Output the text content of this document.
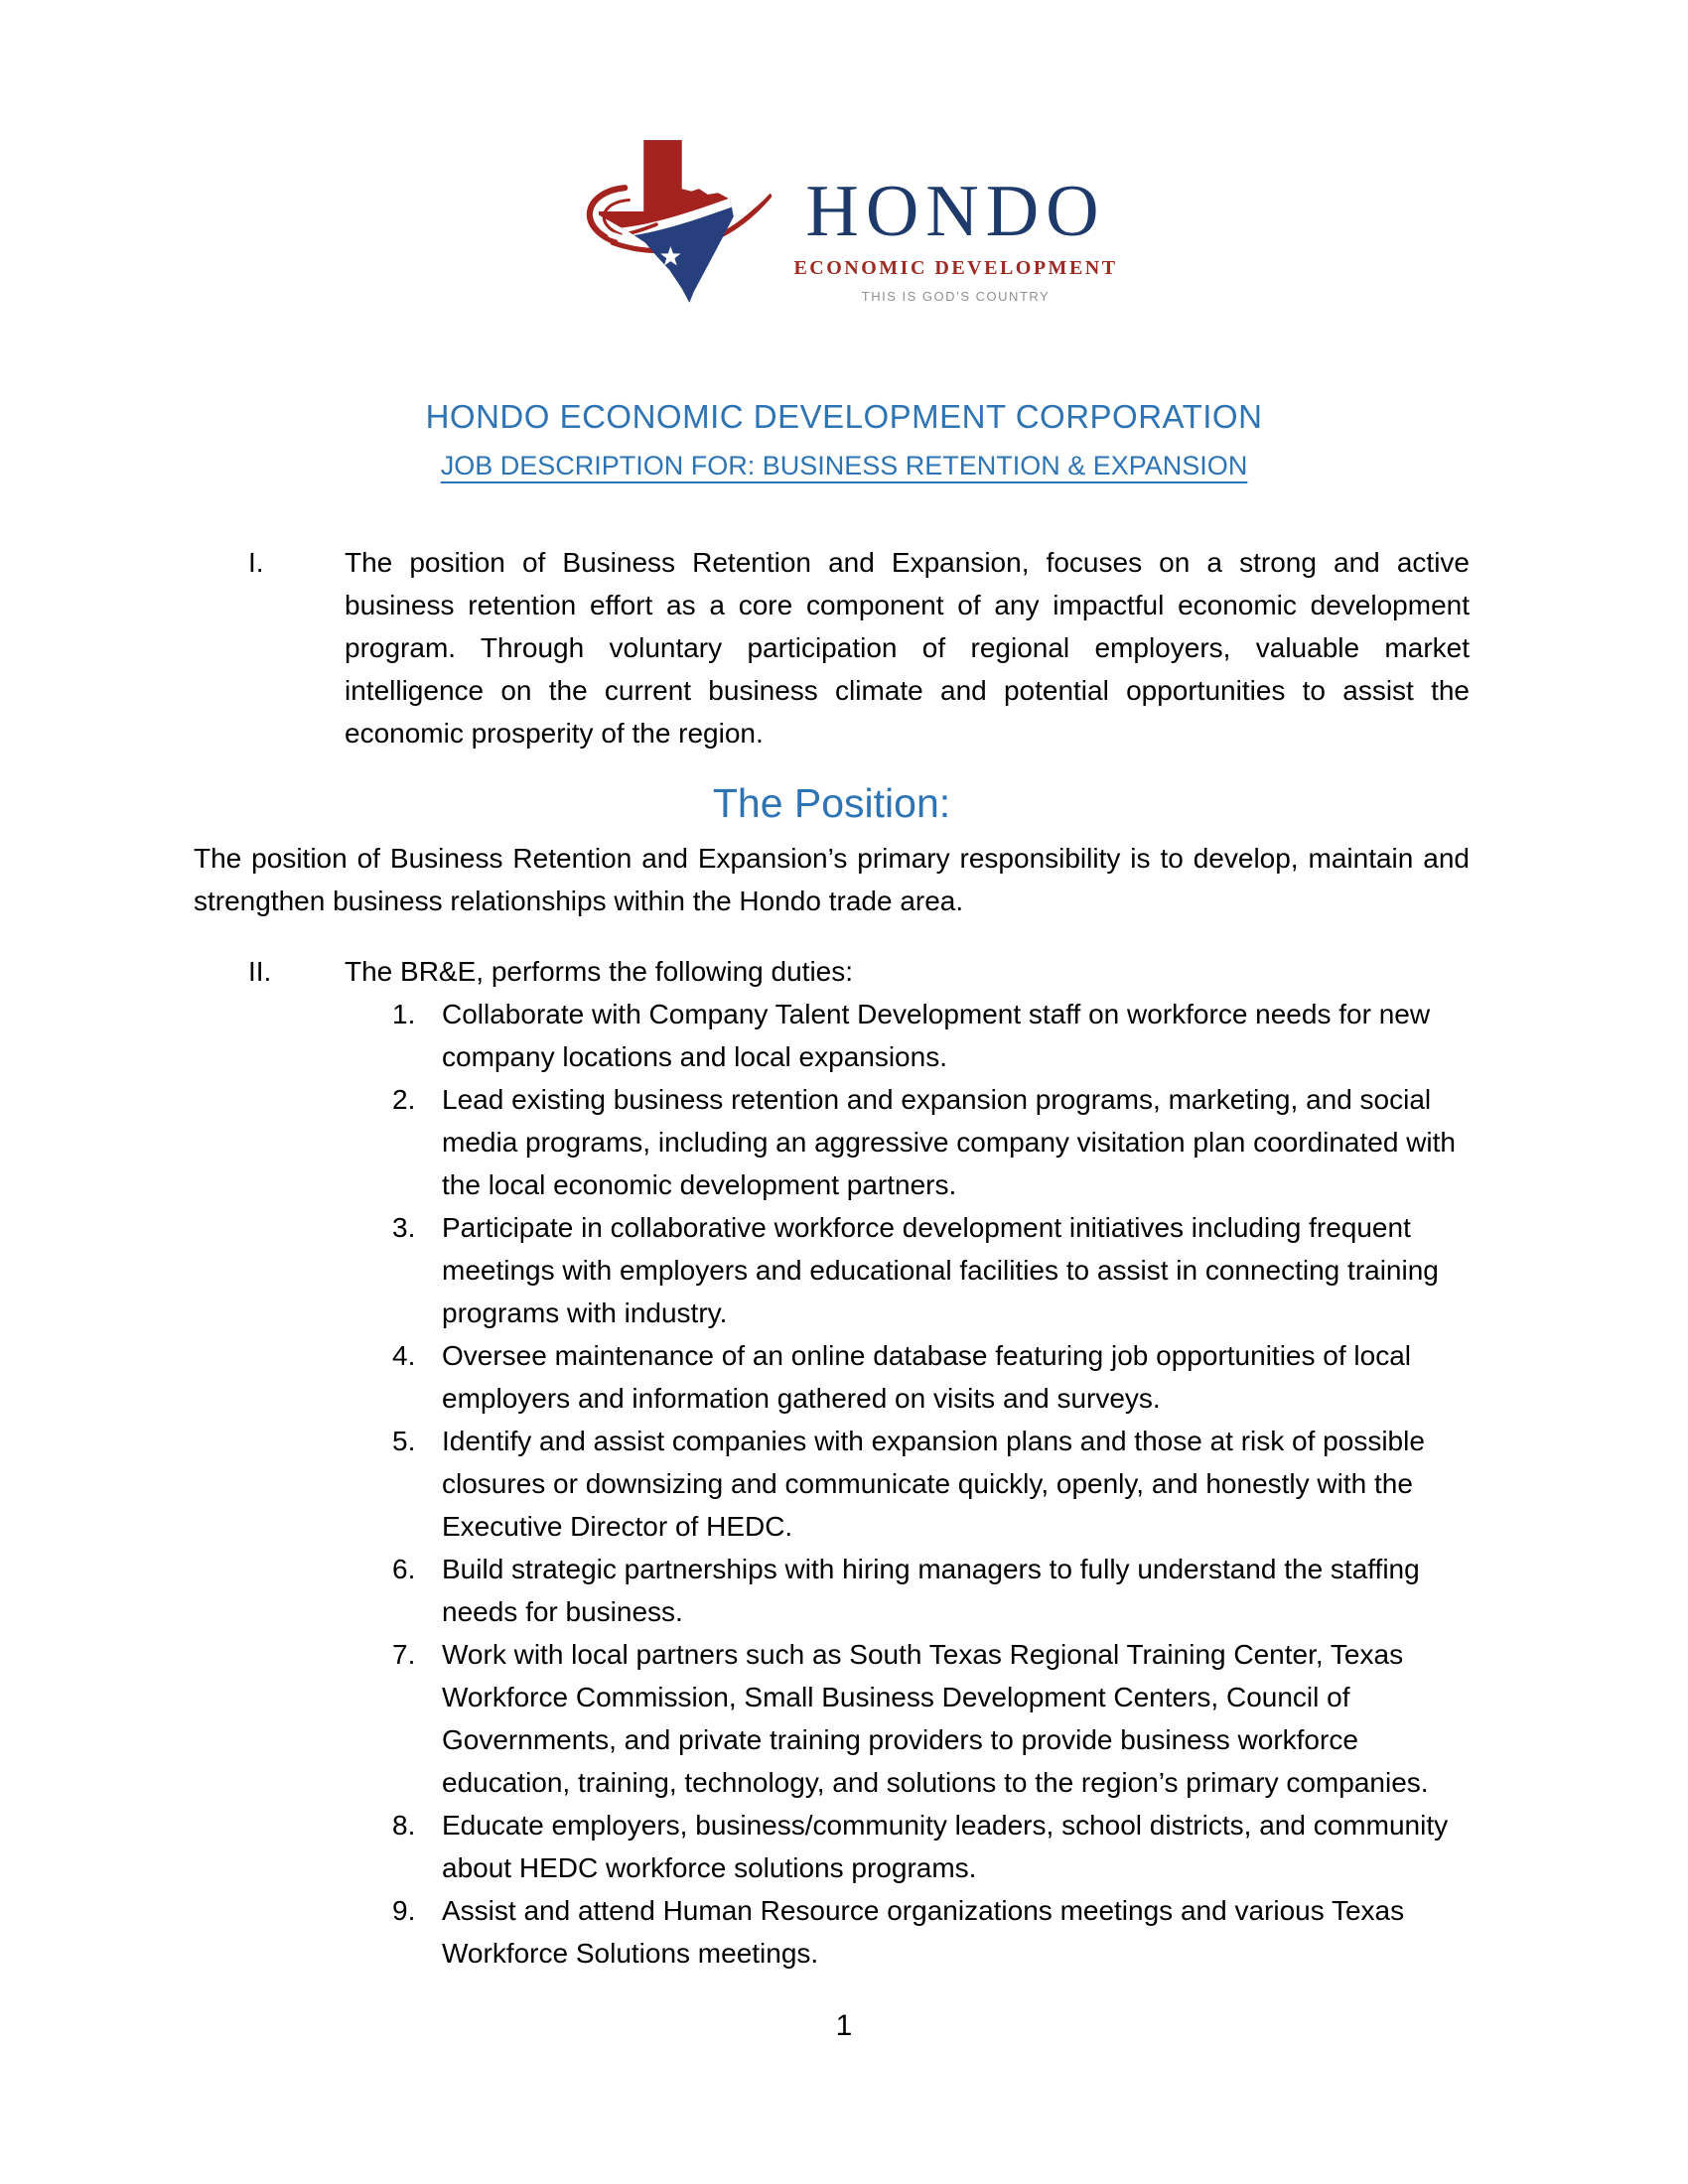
HONDO
ECONOMIC DEVELOPMENT
THIS IS GOD’S COUNTRY
HONDO ECONOMIC DEVELOPMENT CORPORATION
JOB DESCRIPTION FOR: BUSINESS RETENTION & EXPANSION
I.	The position of Business Retention and Expansion, focuses on a strong and active business retention effort as a core component of any impactful economic development program. Through voluntary participation of regional employers, valuable market intelligence on the current business climate and potential opportunities to assist the economic prosperity of the region.
The Position:
The position of Business Retention and Expansion’s primary responsibility is to develop, maintain and strengthen business relationships within the Hondo trade area.
II.	The BR&E, performs the following duties:
1. Collaborate with Company Talent Development staff on workforce needs for new company locations and local expansions.
2. Lead existing business retention and expansion programs, marketing, and social media programs, including an aggressive company visitation plan coordinated with the local economic development partners.
3. Participate in collaborative workforce development initiatives including frequent meetings with employers and educational facilities to assist in connecting training programs with industry.
4. Oversee maintenance of an online database featuring job opportunities of local employers and information gathered on visits and surveys.
5. Identify and assist companies with expansion plans and those at risk of possible closures or downsizing and communicate quickly, openly, and honestly with the Executive Director of HEDC.
6. Build strategic partnerships with hiring managers to fully understand the staffing needs for business.
7. Work with local partners such as South Texas Regional Training Center, Texas Workforce Commission, Small Business Development Centers, Council of Governments, and private training providers to provide business workforce education, training, technology, and solutions to the region’s primary companies.
8. Educate employers, business/community leaders, school districts, and community about HEDC workforce solutions programs.
9. Assist and attend Human Resource organizations meetings and various Texas Workforce Solutions meetings.
1
